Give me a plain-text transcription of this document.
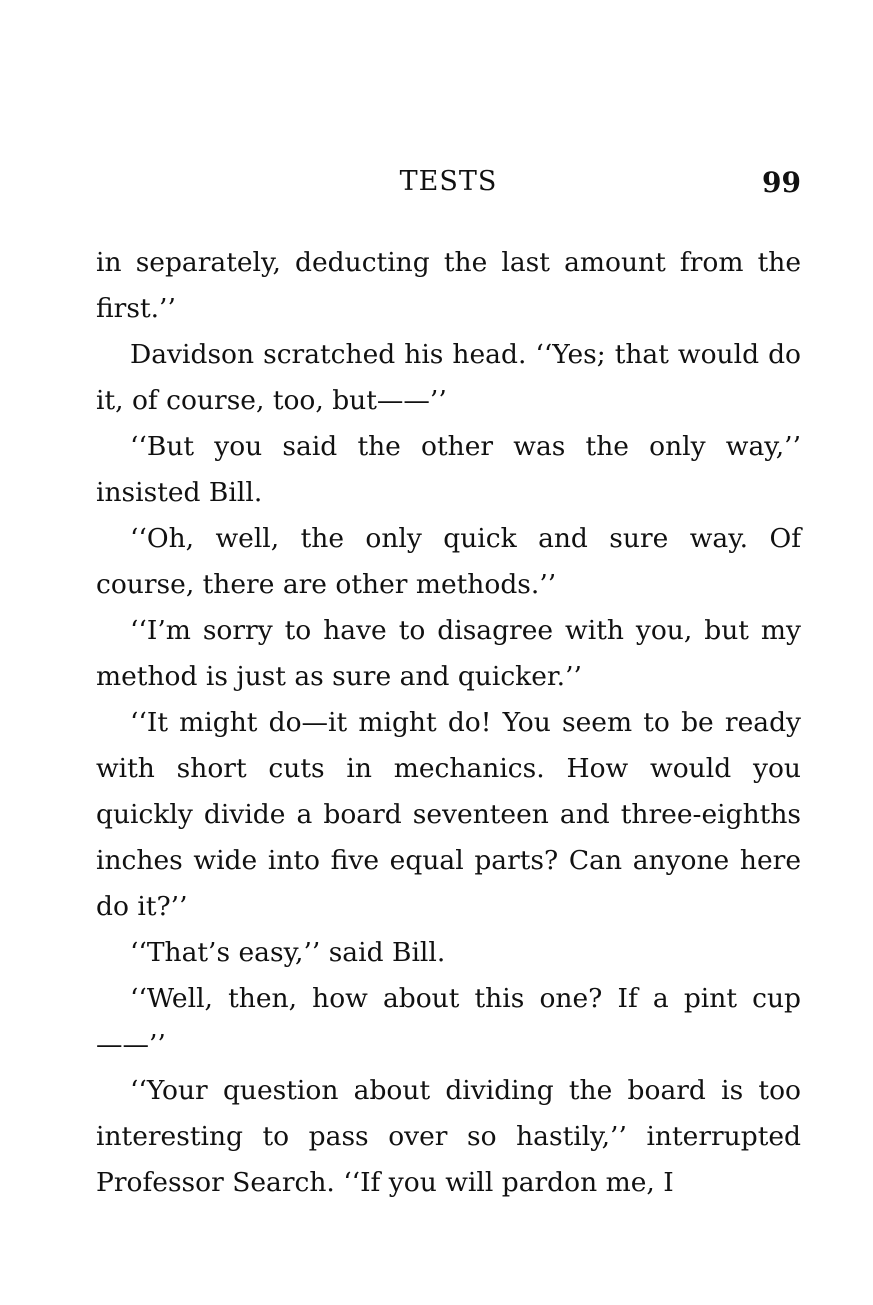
TESTS	99

in separately, deducting the last amount from the first.’’

Davidson scratched his head. ‘‘Yes; that would do it, of course, too, but——’’

‘‘But you said the other was the only way,’’ insisted Bill.

‘‘Oh, well, the only quick and sure way. Of course, there are other methods.’’

‘‘I’m sorry to have to disagree with you, but my method is just as sure and quicker.’’

‘‘It might do—it might do! You seem to be ready with short cuts in mechanics. How would you quickly divide a board seventeen and three-eighths inches wide into five equal parts? Can anyone here do it?’’

‘‘That’s easy,’’ said Bill.

‘‘Well, then, how about this one? If a pint cup——’’

‘‘Your question about dividing the board is too interesting to pass over so hastily,’’ interrupted Professor Search. ‘‘If you will pardon me, I
